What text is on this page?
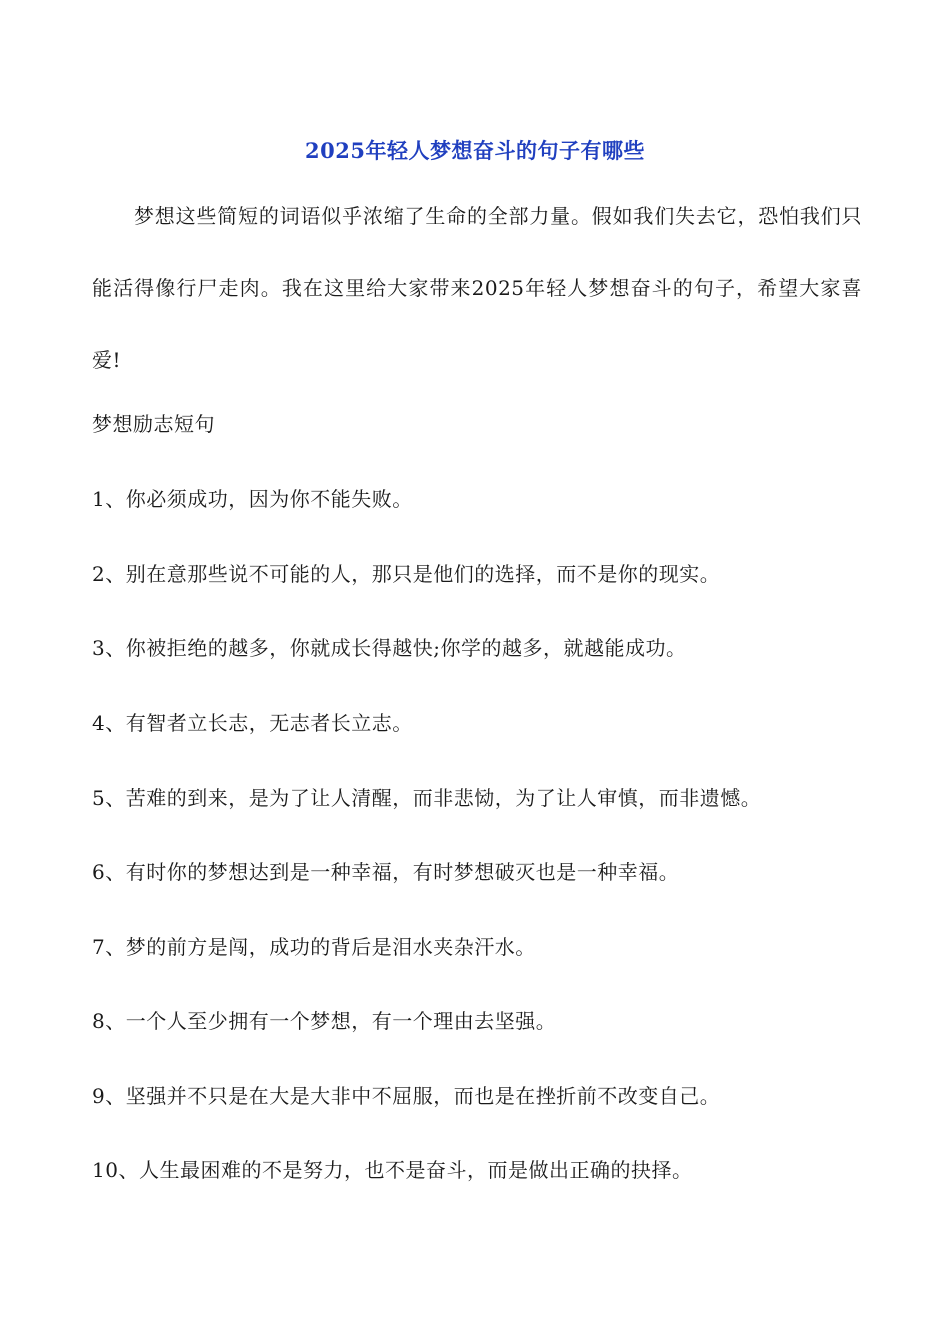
2025年轻人梦想奋斗的句子有哪些
梦想这些简短的词语似乎浓缩了生命的全部力量。假如我们失去它，恐怕我们只能活得像行尸走肉。我在这里给大家带来2025年轻人梦想奋斗的句子，希望大家喜爱!
梦想励志短句
1、你必须成功，因为你不能失败。
2、别在意那些说不可能的人，那只是他们的选择，而不是你的现实。
3、你被拒绝的越多，你就成长得越快;你学的越多，就越能成功。
4、有智者立长志，无志者长立志。
5、苦难的到来，是为了让人清醒，而非悲恸，为了让人审慎，而非遗憾。
6、有时你的梦想达到是一种幸福，有时梦想破灭也是一种幸福。
7、梦的前方是闯，成功的背后是泪水夹杂汗水。
8、一个人至少拥有一个梦想，有一个理由去坚强。
9、坚强并不只是在大是大非中不屈服，而也是在挫折前不改变自己。
10、人生最困难的不是努力，也不是奋斗，而是做出正确的抉择。
